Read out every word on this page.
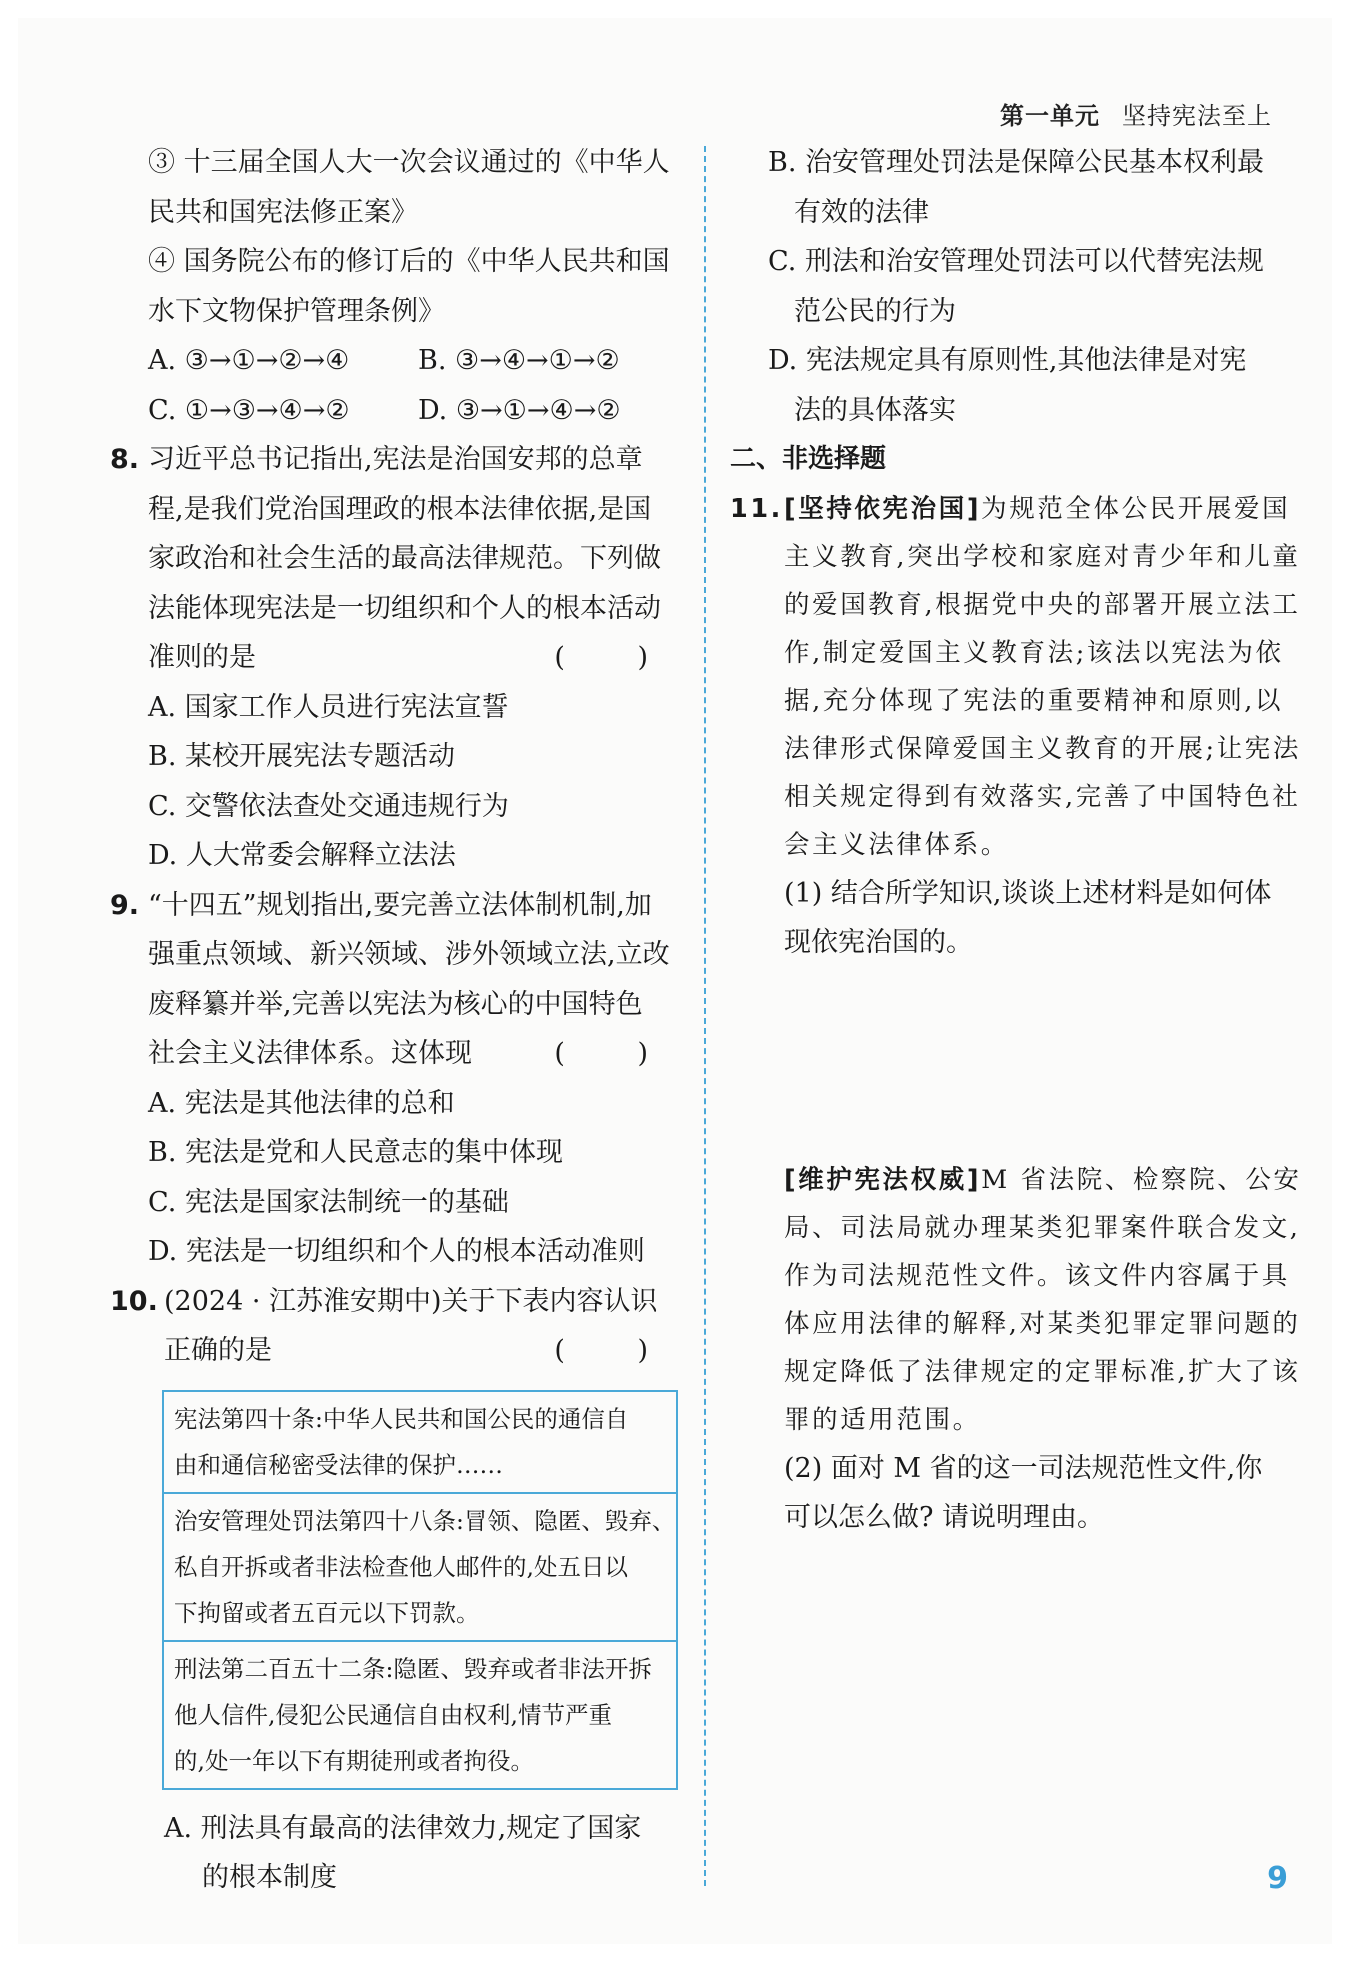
第一单元 坚持宪法至上
③ 十三届全国人大一次会议通过的《中华人
民共和国宪法修正案》
④ 国务院公布的修订后的《中华人民共和国
水下文物保护管理条例》
A. ③→①→②→④	B. ③→④→①→②
C. ①→③→④→②	D. ③→①→④→②
8. 习近平总书记指出,宪法是治国安邦的总章
程,是我们党治国理政的根本法律依据,是国
家政治和社会生活的最高法律规范。下列做
法能体现宪法是一切组织和个人的根本活动
准则的是	( )
A. 国家工作人员进行宪法宣誓
B. 某校开展宪法专题活动
C. 交警依法查处交通违规行为
D. 人大常委会解释立法法
9. “十四五”规划指出,要完善立法体制机制,加
强重点领域、新兴领域、涉外领域立法,立改
废释纂并举,完善以宪法为核心的中国特色
社会主义法律体系。这体现	( )
A. 宪法是其他法律的总和
B. 宪法是党和人民意志的集中体现
C. 宪法是国家法制统一的基础
D. 宪法是一切组织和个人的根本活动准则
10. (2024 · 江苏淮安期中)关于下表内容认识
正确的是	( )
宪法第四十条:中华人民共和国公民的通信自
由和通信秘密受法律的保护……
治安管理处罚法第四十八条:冒领、隐匿、毁弃、
私自开拆或者非法检查他人邮件的,处五日以
下拘留或者五百元以下罚款。
刑法第二百五十二条:隐匿、毁弃或者非法开拆
他人信件,侵犯公民通信自由权利,情节严重
的,处一年以下有期徒刑或者拘役。
A. 刑法具有最高的法律效力,规定了国家
的根本制度
B. 治安管理处罚法是保障公民基本权利最
有效的法律
C. 刑法和治安管理处罚法可以代替宪法规
范公民的行为
D. 宪法规定具有原则性,其他法律是对宪
法的具体落实
二、非选择题
11.[坚持依宪治国]为规范全体公民开展爱国
主义教育,突出学校和家庭对青少年和儿童
的爱国教育,根据党中央的部署开展立法工
作,制定爱国主义教育法;该法以宪法为依
据,充分体现了宪法的重要精神和原则,以
法律形式保障爱国主义教育的开展;让宪法
相关规定得到有效落实,完善了中国特色社
会主义法律体系。
(1) 结合所学知识,谈谈上述材料是如何体
现依宪治国的。
[维护宪法权威]M 省法院、检察院、公安
局、司法局就办理某类犯罪案件联合发文,
作为司法规范性文件。该文件内容属于具
体应用法律的解释,对某类犯罪定罪问题的
规定降低了法律规定的定罪标准,扩大了该
罪的适用范围。
(2) 面对 M 省的这一司法规范性文件,你
可以怎么做? 请说明理由。
9
